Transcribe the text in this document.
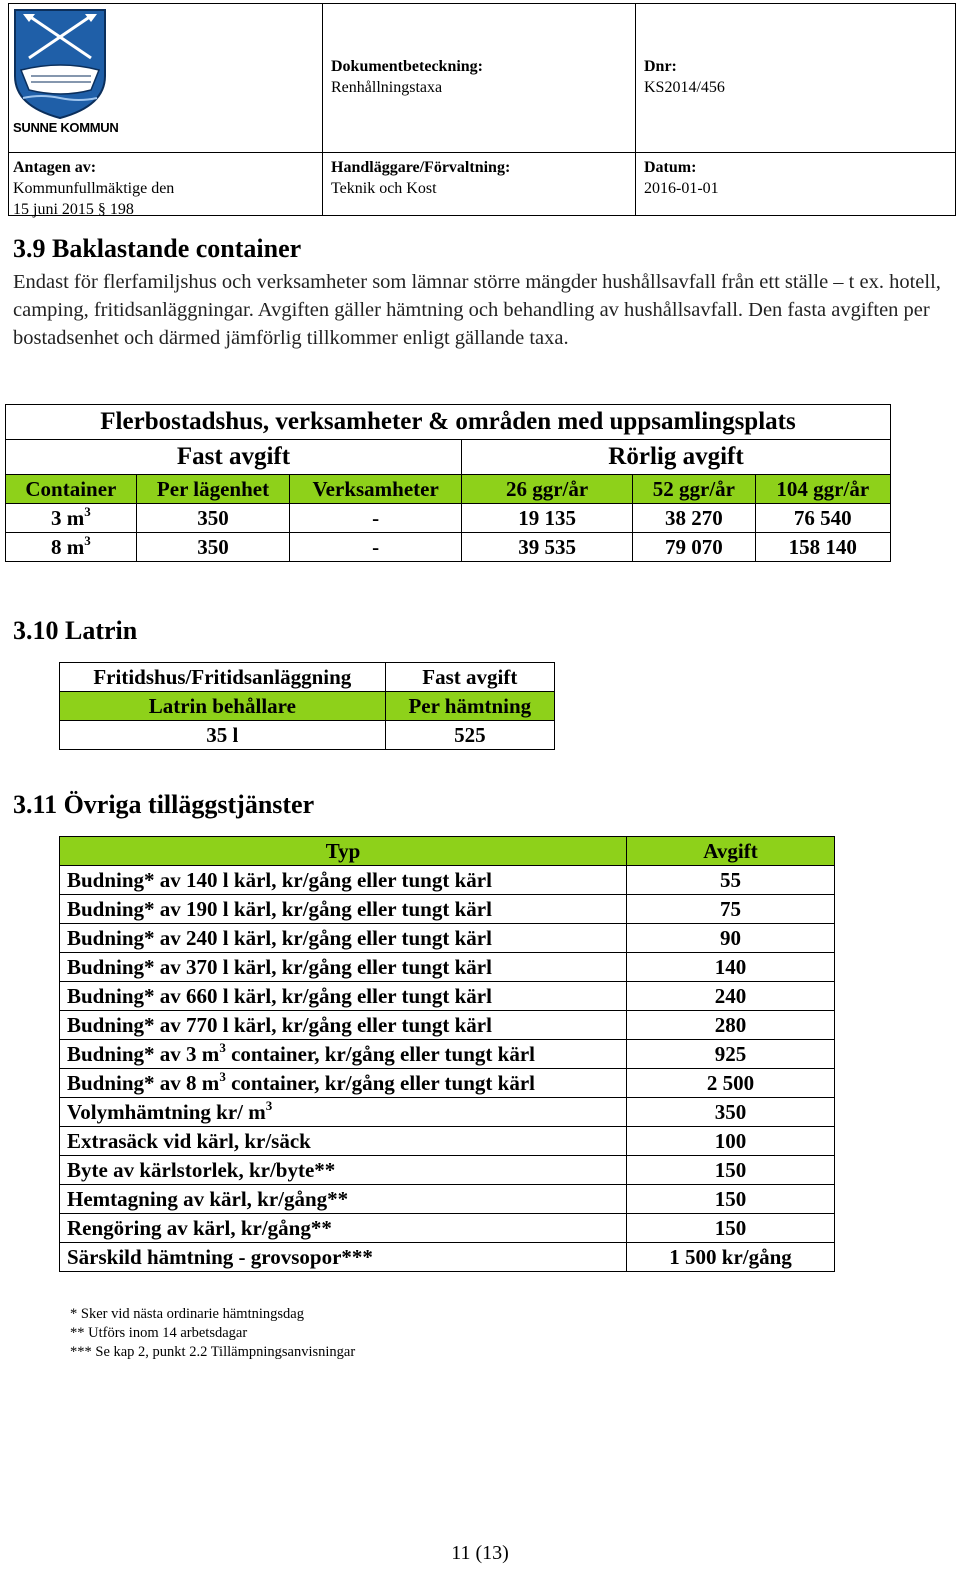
SUNNE KOMMUN
Dokumentbeteckning:
Renhållningstaxa
Dnr:
KS2014/456
Antagen av:
Kommunfullmäktige den
15 juni 2015 § 198
Handläggare/Förvaltning:
Teknik och Kost
Datum:
2016-01-01
3.9 Baklastande container
Endast för flerfamiljshus och verksamheter som lämnar större mängder hushållsavfall från ett ställe – t ex. hotell, camping, fritidsanläggningar. Avgiften gäller hämtning och behandling av hushållsavfall. Den fasta avgiften per bostadsenhet och därmed jämförlig tillkommer enligt gällande taxa.
Flerbostadshus, verksamheter & områden med uppsamlingsplats					
Fast avgift			Rörlig avgift		
Container	Per lägenhet	Verksamheter	26 ggr/år	52 ggr/år	104 ggr/år
3 $m^3$	350	-	19 135	38 270	76 540
8 $m^3$	350	-	39 535	79 070	158 140
3.10 Latrin
Fritidshus/Fritidsanläggning	Fast avgift
Latrin behållare	Per hämtning
35 l	525
3.11 Övriga tilläggstjänster
Typ	Avgift
Budning* av 140 l kärl, kr/gång eller tungt kärl	55
Budning* av 190 l kärl, kr/gång eller tungt kärl	75
Budning* av 240 l kärl, kr/gång eller tungt kärl	90
Budning* av 370 l kärl, kr/gång eller tungt kärl	140
Budning* av 660 l kärl, kr/gång eller tungt kärl	240
Budning* av 770 l kärl, kr/gång eller tungt kärl	280
Budning* av 3 $m^3$ container, kr/gång eller tungt kärl	925
Budning* av 8 $m^3$ container, kr/gång eller tungt kärl	2 500
Volymhämtning kr/ $m^3$	350
Extrasäck vid kärl, kr/säck	100
Byte av kärlstorlek, kr/byte**	150
Hemtagning av kärl, kr/gång**	150
Rengöring av kärl, kr/gång**	150
Särskild hämtning - grovsopor***	1 500 kr/gång
* Sker vid nästa ordinarie hämtningsdag
** Utförs inom 14 arbetsdagar
*** Se kap 2, punkt 2.2 Tillämpningsanvisningar
11 (13)
